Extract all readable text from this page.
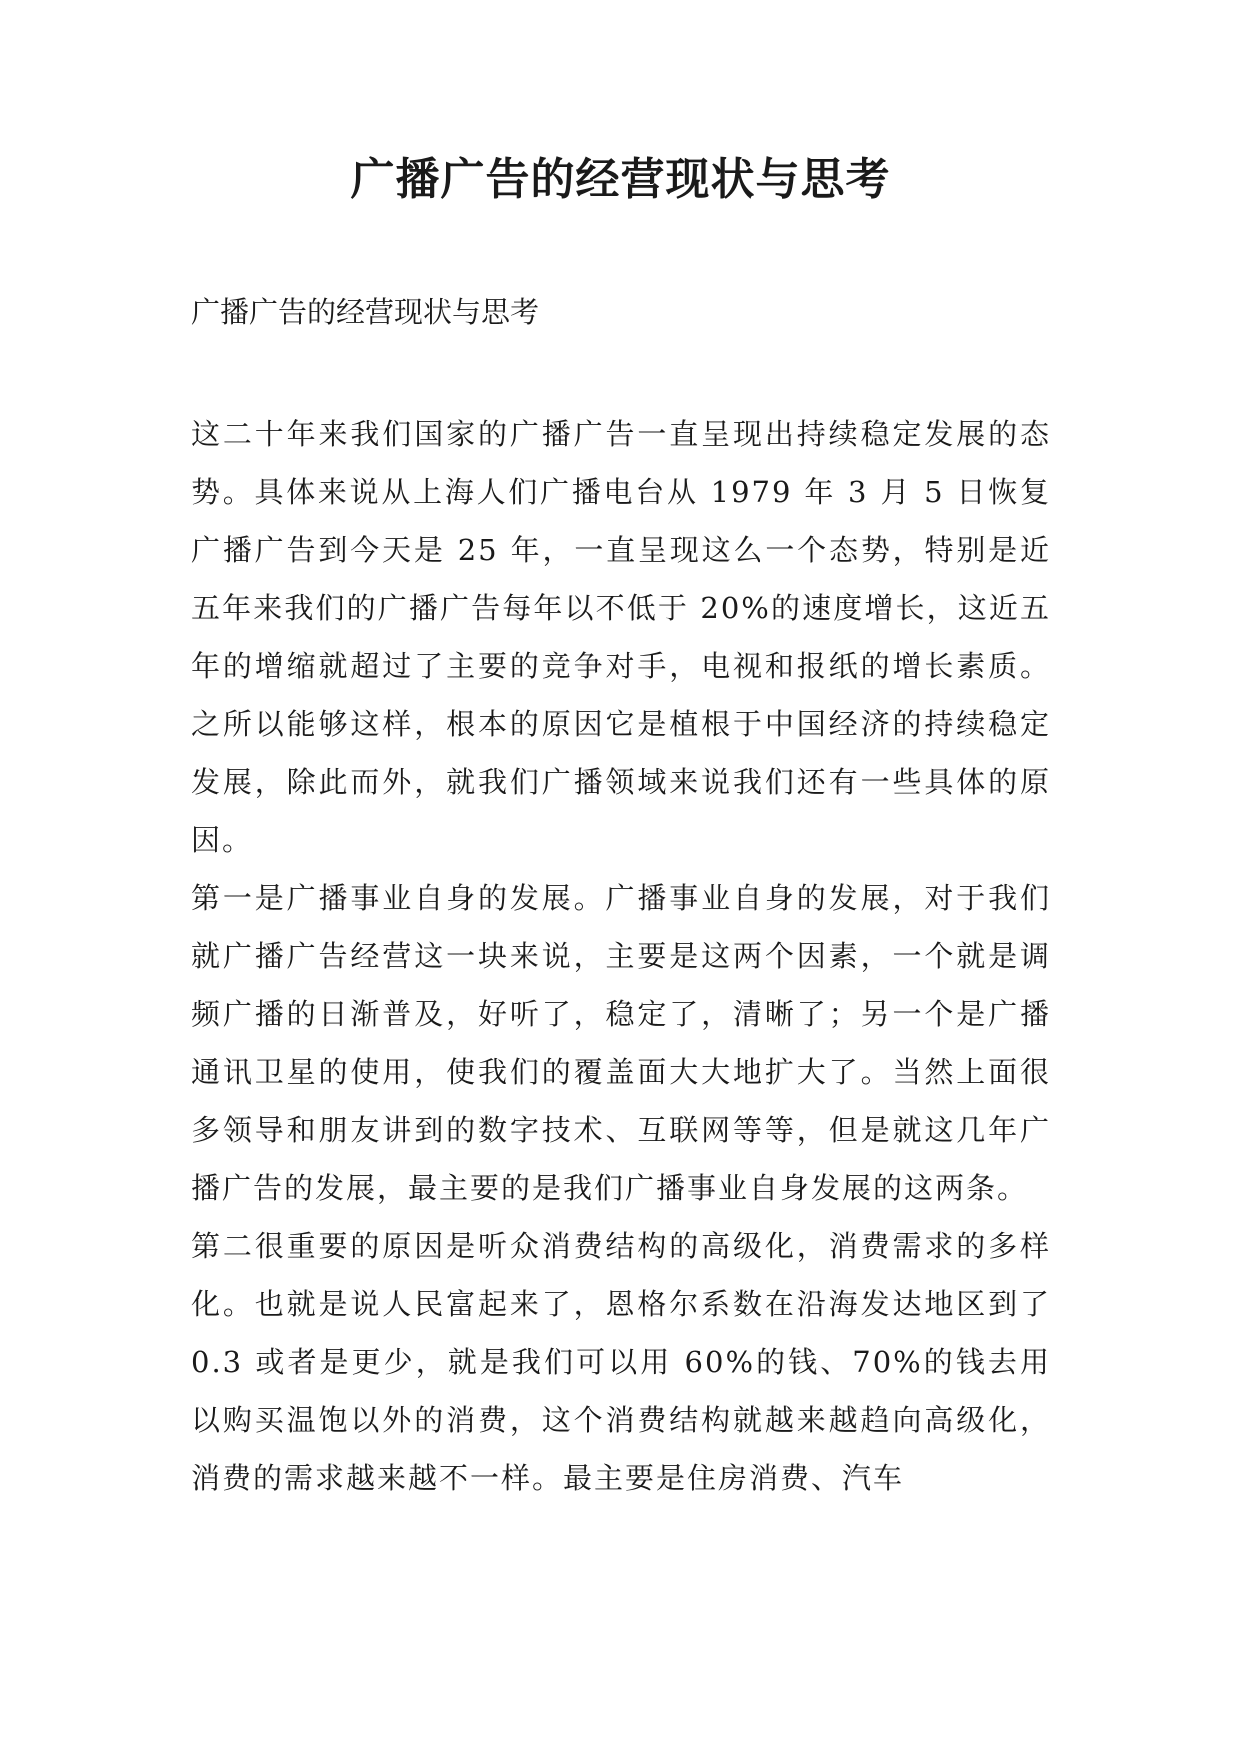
广播广告的经营现状与思考

广播广告的经营现状与思考

这二十年来我们国家的广播广告一直呈现出持续稳定发展的态势。具体来说从上海人们广播电台从 1979 年 3 月 5 日恢复广播广告到今天是 25 年，一直呈现这么一个态势，特别是近五年来我们的广播广告每年以不低于 20%的速度增长，这近五年的增缩就超过了主要的竞争对手，电视和报纸的增长素质。之所以能够这样，根本的原因它是植根于中国经济的持续稳定发展，除此而外，就我们广播领域来说我们还有一些具体的原因。

第一是广播事业自身的发展。广播事业自身的发展，对于我们就广播广告经营这一块来说，主要是这两个因素，一个就是调频广播的日渐普及，好听了，稳定了，清晰了；另一个是广播通讯卫星的使用，使我们的覆盖面大大地扩大了。当然上面很多领导和朋友讲到的数字技术、互联网等等，但是就这几年广播广告的发展，最主要的是我们广播事业自身发展的这两条。

第二很重要的原因是听众消费结构的高级化，消费需求的多样化。也就是说人民富起来了，恩格尔系数在沿海发达地区到了 0.3 或者是更少，就是我们可以用 60%的钱、70%的钱去用以购买温饱以外的消费，这个消费结构就越来越趋向高级化，消费的需求越来越不一样。最主要是住房消费、汽车
